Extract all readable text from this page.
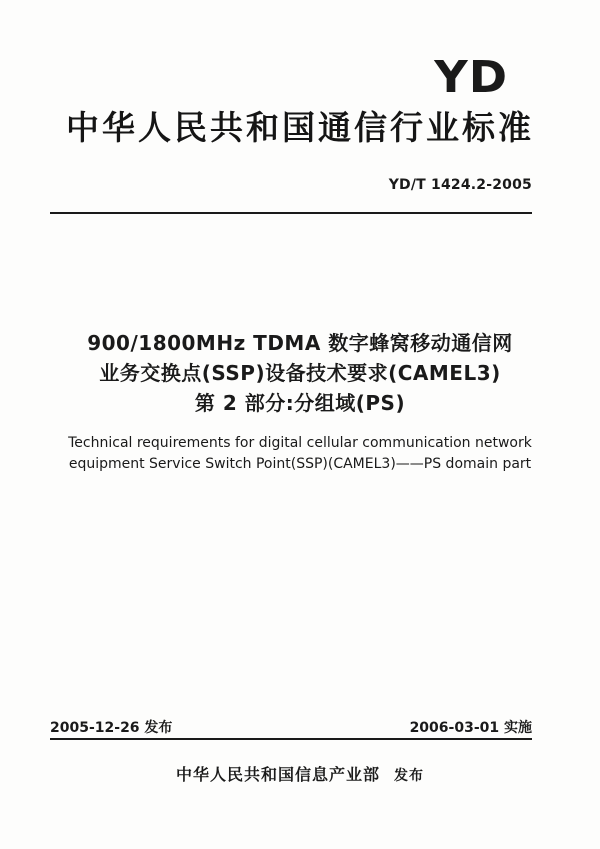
YD
中华人民共和国通信行业标准
YD/T 1424.2-2005
900/1800MHz TDMA 数字蜂窝移动通信网
业务交换点(SSP)设备技术要求(CAMEL3)
第 2 部分:分组域(PS)
Technical requirements for digital cellular communication network
equipment Service Switch Point(SSP)(CAMEL3)——PS domain part
2005-12-26 发布	2006-03-01 实施
中华人民共和国信息产业部 发布
